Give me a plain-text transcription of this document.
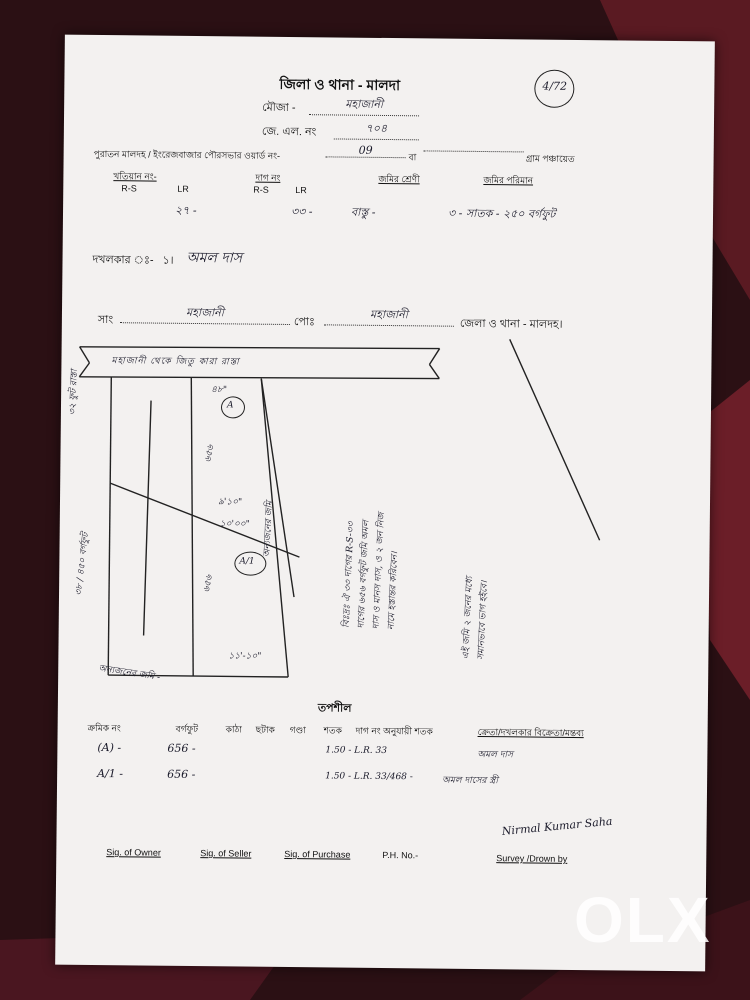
জিলা ও থানা - মালদা
মৌজা -	মহাজানী
জে. এল. নং	৭০৪
পুরাতন মালদহ / ইংরেজবাজার পৌরসভার ওয়ার্ড নং-	09
বা	গ্রাম পঞ্চায়েত
4/72
খতিয়ান নং-	দাগ নং	জমির শ্রেণী	জমির পরিমান
R-S	LR	R-S	LR
২৭ -	৩৩ -	বাস্তু -	৩ - সাতক - ২৫০ বর্গফুট
দখলকার ঃ- ১। অমল দাস
সাং
মহাজানী
পোঃ
মহাজানী
জেলা ও থানা - মালদহ।
মহাজানী থেকে জিতু কারা রাস্তা
৩২ ফুট রাস্তা
৩৮ / ৪৫০ বর্গফুট
৪৮"
A
A/1
৬৫৬
৬৫৬
৯'১০"
১০'০০"
১১'-১০"
অন্যজনের জমি -
অন্যজনের জমি	বিঃদ্রঃ ঐ ৩৩ দাগের R-S-৩৩ দাগের ৬৫৬ বর্গফুট জমি অমল দাস ও মানস দাস, ও ২ জন নিজ নামে হস্তান্তর করিবেন।	এই জমি ২ জনের মধ্যে সমানভাবে ভাগ হইবে।
তপশীল
ক্রমিক নং	বর্গফুট	কাঠা ছটাক গণ্ডা শতক দাগ নং অনুযায়ী শতক	ক্রেতা/দখলকার বিক্রেতা/মন্তব্য
(A) -	656 -	1.50 - L.R. 33	অমল দাস
A/1 -	656 -	1.50 - L.R. 33/468 -	অমল দাসের স্ত্রী
Nirmal Kumar Saha
Sig. of Owner	Sig. of Seller	Sig. of Purchase	P.H. No.-	Survey /Drown by
OLX
